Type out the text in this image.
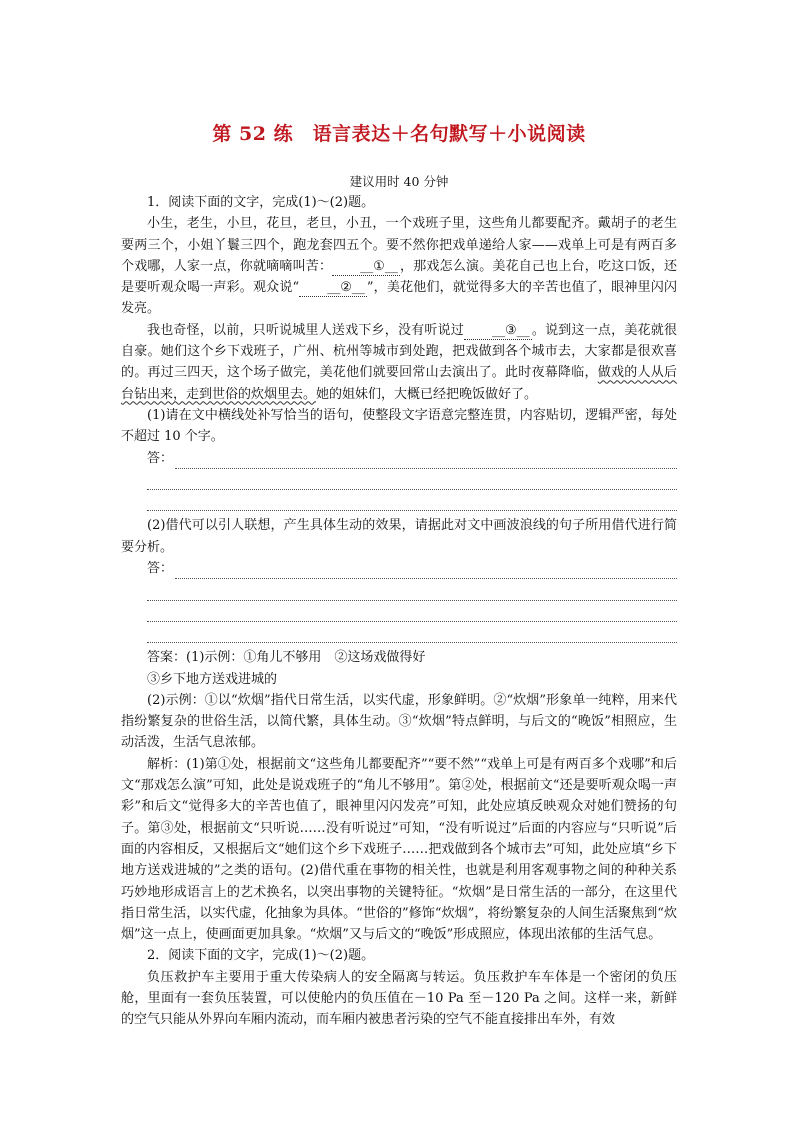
第 52 练　语言表达＋名句默写＋小说阅读
建议用时 40 分钟

1．阅读下面的文字，完成(1)～(2)题。

小生，老生，小旦，花旦，老旦，小丑，一个戏班子里，这些角儿都要配齐。戴胡子的老生要两三个，小姐丫鬟三四个，跑龙套四五个。要不然你把戏单递给人家——戏单上可是有两百多个戏哪，人家一点，你就嘀嘀叫苦： __①__ ，那戏怎么演。美花自己也上台，吃这口饭，还是要听观众喝一声彩。观众说“ __②__ ”，美花他们，就觉得多大的辛苦也值了，眼神里闪闪发亮。

我也奇怪，以前，只听说城里人送戏下乡，没有听说过 __③__ 。说到这一点，美花就很自豪。她们这个乡下戏班子，广州、杭州等城市到处跑，把戏做到各个城市去，大家都是很欢喜的。再过三四天，这个场子做完，美花他们就要回常山去演出了。此时夜幕降临，做戏的人从后台钻出来，走到世俗的炊烟里去。她的姐妹们，大概已经把晚饭做好了。

(1)请在文中横线处补写恰当的语句，使整段文字语意完整连贯，内容贴切，逻辑严密，每处不超过 10 个字。

答：

(2)借代可以引人联想，产生具体生动的效果，请据此对文中画波浪线的句子所用借代进行简要分析。

答：

答案：(1)示例：①角儿不够用　②这场戏做得好

③乡下地方送戏进城的

(2)示例：①以“炊烟”指代日常生活，以实代虚，形象鲜明。②“炊烟”形象单一纯粹，用来代指纷繁复杂的世俗生活，以简代繁，具体生动。③“炊烟”特点鲜明，与后文的“晚饭”相照应，生动活泼，生活气息浓郁。

解析：(1)第①处，根据前文“这些角儿都要配齐”“要不然”“戏单上可是有两百多个戏哪”和后文“那戏怎么演”可知，此处是说戏班子的“角儿不够用”。第②处，根据前文“还是要听观众喝一声彩”和后文“觉得多大的辛苦也值了，眼神里闪闪发亮”可知，此处应填反映观众对她们赞扬的句子。第③处，根据前文“只听说……没有听说过”可知，“没有听说过”后面的内容应与“只听说”后面的内容相反，又根据后文“她们这个乡下戏班子……把戏做到各个城市去”可知，此处应填“乡下地方送戏进城的”之类的语句。(2)借代重在事物的相关性，也就是利用客观事物之间的种种关系巧妙地形成语言上的艺术换名，以突出事物的关键特征。“炊烟”是日常生活的一部分，在这里代指日常生活，以实代虚，化抽象为具体。“世俗的”修饰“炊烟”，将纷繁复杂的人间生活聚焦到“炊烟”这一点上，使画面更加具象。“炊烟”又与后文的“晚饭”形成照应，体现出浓郁的生活气息。

2．阅读下面的文字，完成(1)～(2)题。

负压救护车主要用于重大传染病人的安全隔离与转运。负压救护车车体是一个密闭的负压舱，里面有一套负压装置，可以使舱内的负压值在－10 Pa 至－120 Pa 之间。这样一来，新鲜的空气只能从外界向车厢内流动，而车厢内被患者污染的空气不能直接排出车外，有效
